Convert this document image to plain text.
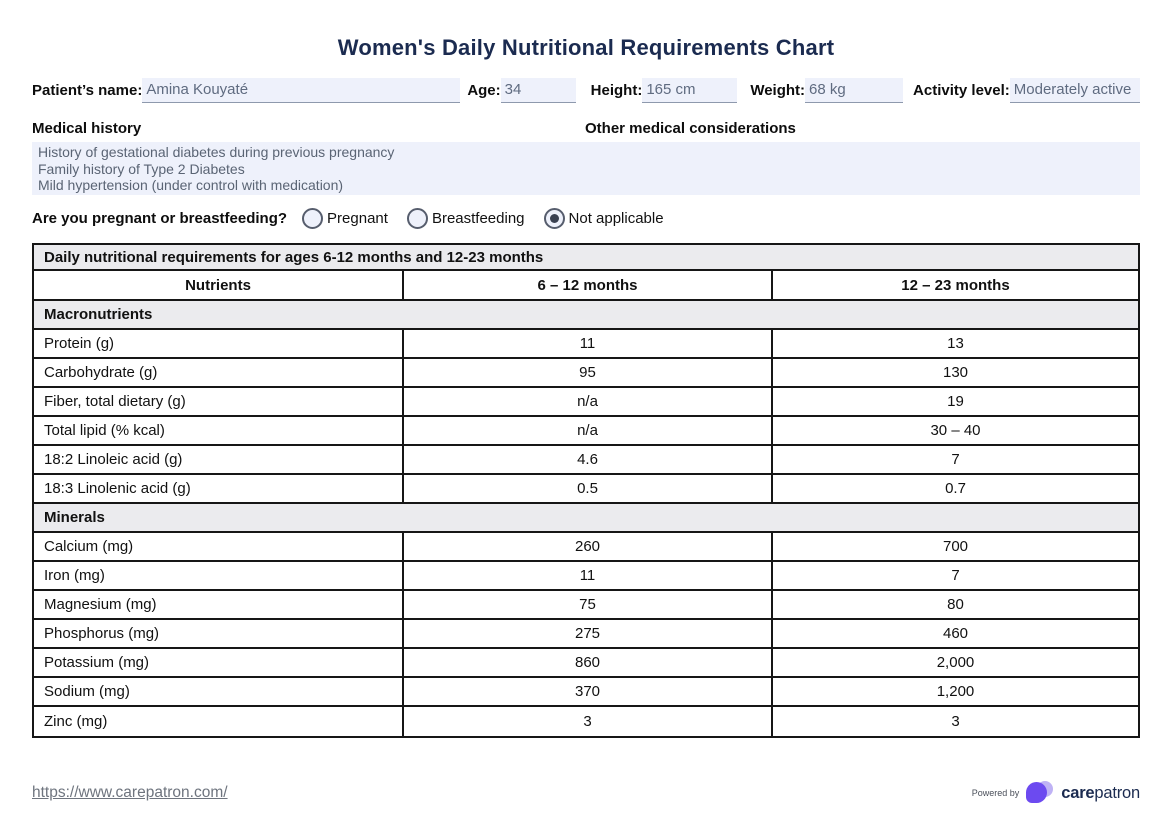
Women's Daily Nutritional Requirements Chart
Patient’s name: Amina Kouyaté	Age: 34	Height: 165 cm	Weight: 68 kg	Activity level: Moderately active
Medical history	Other medical considerations
History of gestational diabetes during previous pregnancy
Family history of Type 2 Diabetes
Mild hypertension (under control with medication)
Are you pregnant or breastfeeding?	Pregnant	Breastfeeding	Not applicable
Daily nutritional requirements for ages 6-12 months and 12-23 months
Nutrients	6 – 12 months	12 – 23 months
Macronutrients
Protein (g)	11	13
Carbohydrate (g)	95	130
Fiber, total dietary (g)	n/a	19
Total lipid (% kcal)	n/a	30 – 40
18:2 Linoleic acid (g)	4.6	7
18:3 Linolenic acid (g)	0.5	0.7
Minerals
Calcium (mg)	260	700
Iron (mg)	11	7
Magnesium (mg)	75	80
Phosphorus (mg)	275	460
Potassium (mg)	860	2,000
Sodium (mg)	370	1,200
Zinc (mg)	3	3
https://www.carepatron.com/	Powered by	carepatron
